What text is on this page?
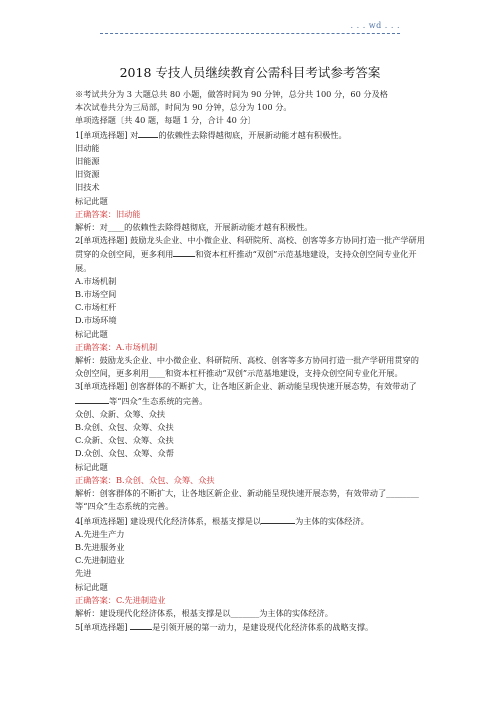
. . . wd . . .
2018 专技人员继续教育公需科目考试参考答案
※考试共分为 3 大题总共 80 小题，做答时间为 90 分钟，总分共 100 分，60 分及格
本次试卷共分为三局部，时间为 90 分钟，总分为 100 分。
单项选择题〔共 40 题，每题 1 分，合计 40 分〕
1[单项选择题] 对 的依赖性去除得越彻底，开展新动能才越有积极性。
旧动能
旧能源
旧资源
旧技术
标记此题
正确答案：旧动能
解析：对____的依赖性去除得越彻底，开展新动能才越有积极性。
2[单项选择题] 鼓励龙头企业、中小微企业、科研院所、高校、创客等多方协同打造一批产学研用贯穿的众创空间，更多利用	和资本杠杆推动“双创”示范基地建设，支持众创空间专业化开展。
A.市场机制
B.市场空间
C.市场杠杆
D.市场环境
标记此题
正确答案：A.市场机制
解析：鼓励龙头企业、中小微企业、科研院所、高校、创客等多方协同打造一批产学研用贯穿的众创空间，更多利用____和资本杠杆推动“双创”示范基地建设，支持众创空间专业化开展。
3[单项选择题] 创客群体的不断扩大，让各地区新企业、新动能呈现快速开展态势，有效带动了等“四众”生态系统的完善。
众创、众新、众筹、众扶
B.众创、众包、众筹、众扶
C.众新、众包、众筹、众扶
D.众创、众包、众筹、众帮
标记此题
正确答案：B.众创、众包、众筹、众扶
解析：创客群体的不断扩大，让各地区新企业、新动能呈现快速开展态势，有效带动了________等“四众”生态系统的完善。
4[单项选择题] 建设现代化经济体系，根基支撑是以	为主体的实体经济。
A.先进生产力
B.先进服务业
C.先进制造业
先进
标记此题
正确答案：C.先进制造业
解析：建设现代化经济体系，根基支撑是以_______为主体的实体经济。
5[单项选择题]	是引领开展的第一动力，是建设现代化经济体系的战略支撑。
